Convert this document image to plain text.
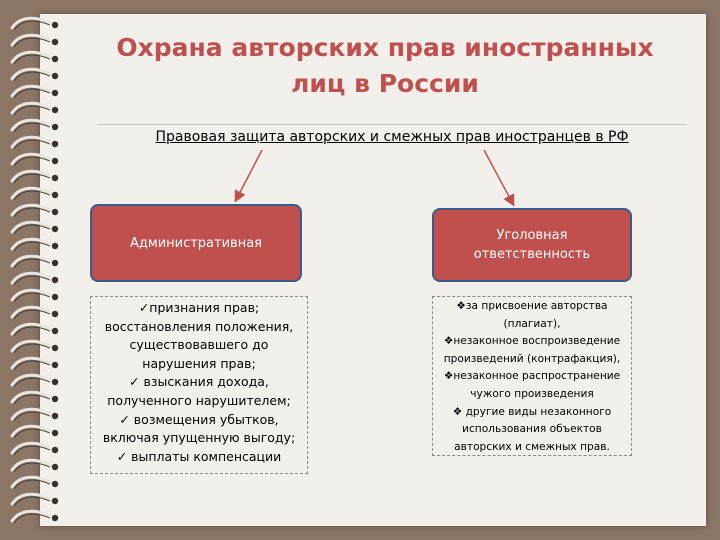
Охрана авторских прав иностранных
лиц в России
Правовая защита авторских и смежных прав иностранцев в РФ
Административная	Уголовная
ответственность
✓признания прав;
восстановления положения,
существовавшего до
нарушения прав;
✓ взыскания дохода,
полученного нарушителем;
✓ возмещения убытков,
включая упущенную выгоду;
✓ выплаты компенсации
❖за присвоение авторства
(плагиат),
❖незаконное воспроизведение
произведений (контрафакция),
❖незаконное распространение
чужого произведения
❖ другие виды незаконного
использования объектов
авторских и смежных прав.
